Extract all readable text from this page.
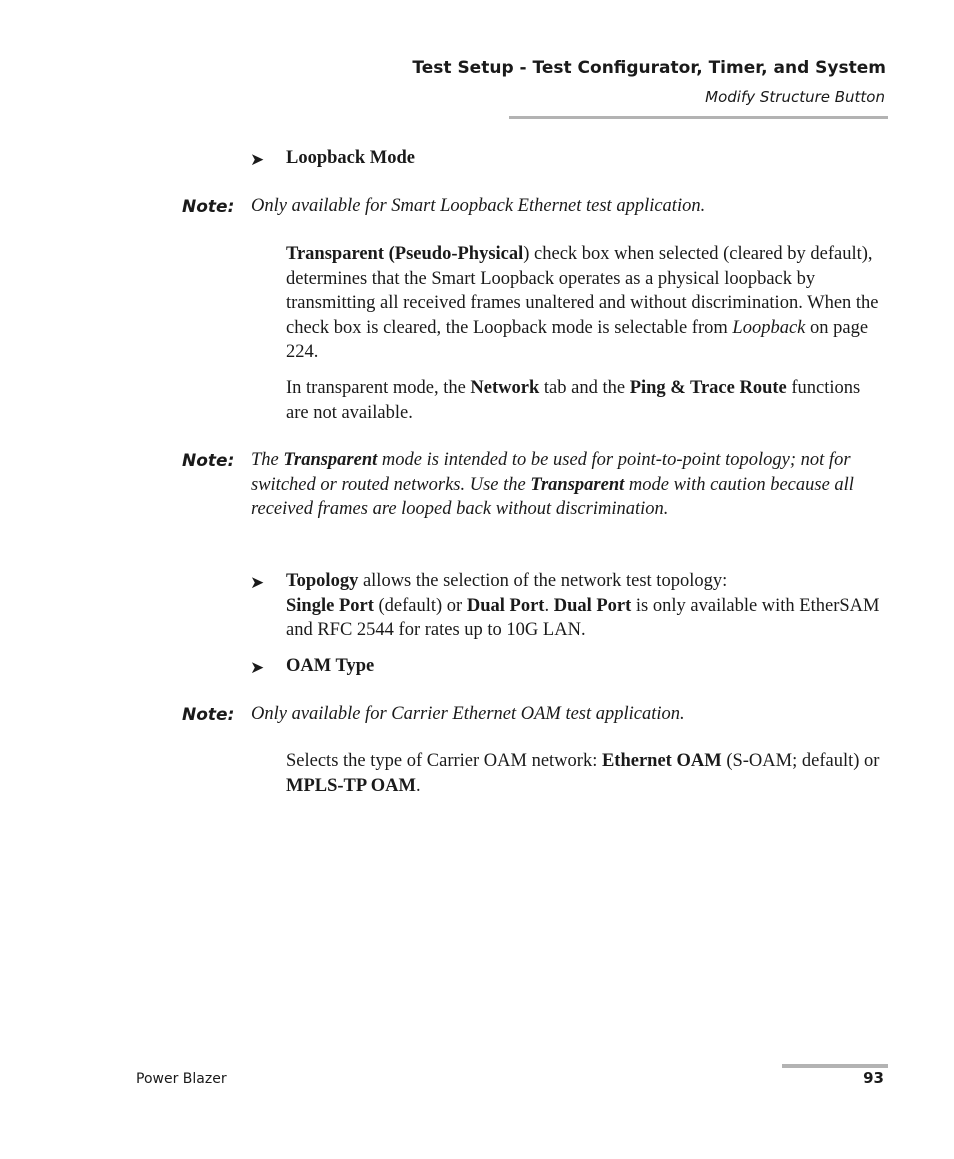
Test Setup - Test Configurator, Timer, and System
Modify Structure Button
➤ Loopback Mode
Note: Only available for Smart Loopback Ethernet test application.
Transparent (Pseudo-Physical) check box when selected (cleared by default), determines that the Smart Loopback operates as a physical loopback by transmitting all received frames unaltered and without discrimination. When the check box is cleared, the Loopback mode is selectable from Loopback on page 224.
In transparent mode, the Network tab and the Ping & Trace Route functions are not available.
Note: The Transparent mode is intended to be used for point-to-point topology; not for switched or routed networks. Use the Transparent mode with caution because all received frames are looped back without discrimination.
➤ Topology allows the selection of the network test topology:
Single Port (default) or Dual Port. Dual Port is only available with EtherSAM and RFC 2544 for rates up to 10G LAN.
➤ OAM Type
Note: Only available for Carrier Ethernet OAM test application.
Selects the type of Carrier OAM network: Ethernet OAM (S-OAM; default) or MPLS-TP OAM.
Power Blazer	93
